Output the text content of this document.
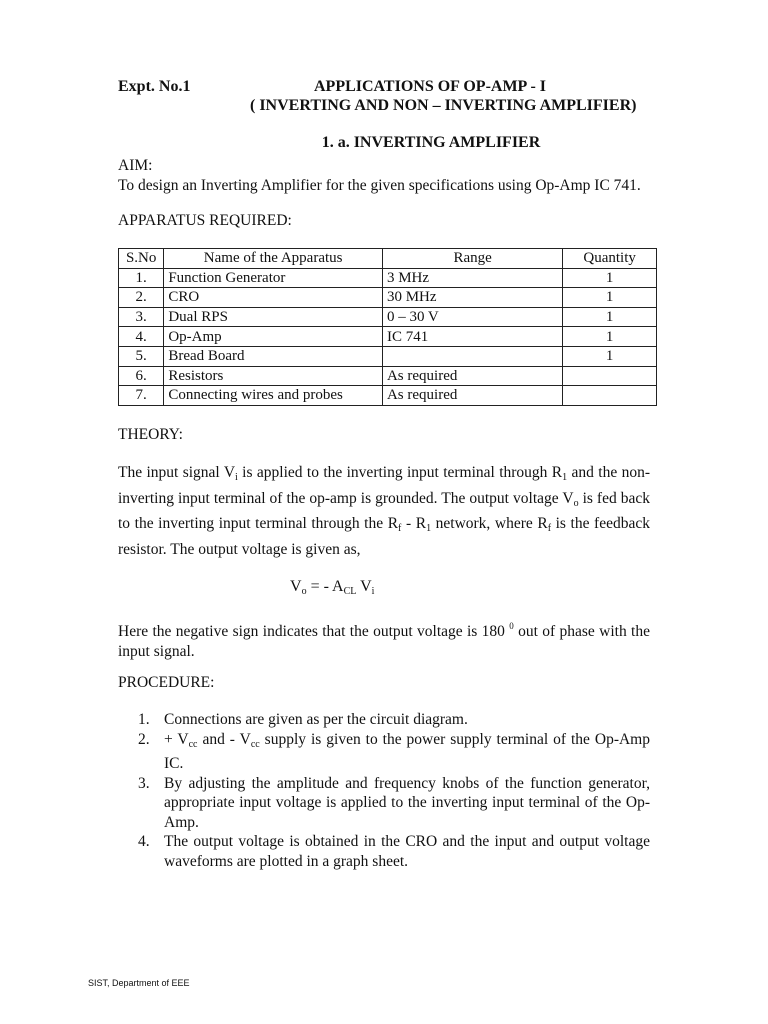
Expt. No.1	APPLICATIONS OF OP-AMP - I
( INVERTING AND NON – INVERTING AMPLIFIER)
1. a. INVERTING AMPLIFIER
AIM:
To design an Inverting Amplifier for the given specifications using Op-Amp IC 741.
APPARATUS REQUIRED:
S.No	Name of the Apparatus	Range	Quantity
1.	Function Generator	3 MHz	1
2.	CRO	30 MHz	1
3.	Dual RPS	0 – 30 V	1
4.	Op-Amp	IC 741	1
5.	Bread Board		1
6.	Resistors	As required	
7.	Connecting wires and probes	As required	
THEORY:
The input signal $V_i$ is applied to the inverting input terminal through $R_1$ and the non-inverting input terminal of the op-amp is grounded. The output voltage $V_o$ is fed back to the inverting input terminal through the $R_f - R_1$ network, where $R_f$ is the feedback resistor. The output voltage is given as,
$V_o$ = - $A_{CL}$ $V_i$
Here the negative sign indicates that the output voltage is 180 $^0$ out of phase with the input signal.
PROCEDURE:
1. Connections are given as per the circuit diagram.
2. + $V_{cc}$ and - $V_{cc}$ supply is given to the power supply terminal of the Op-Amp IC.
3. By adjusting the amplitude and frequency knobs of the function generator, appropriate input voltage is applied to the inverting input terminal of the Op-Amp.
4. The output voltage is obtained in the CRO and the input and output voltage waveforms are plotted in a graph sheet.
SIST, Department of EEE
